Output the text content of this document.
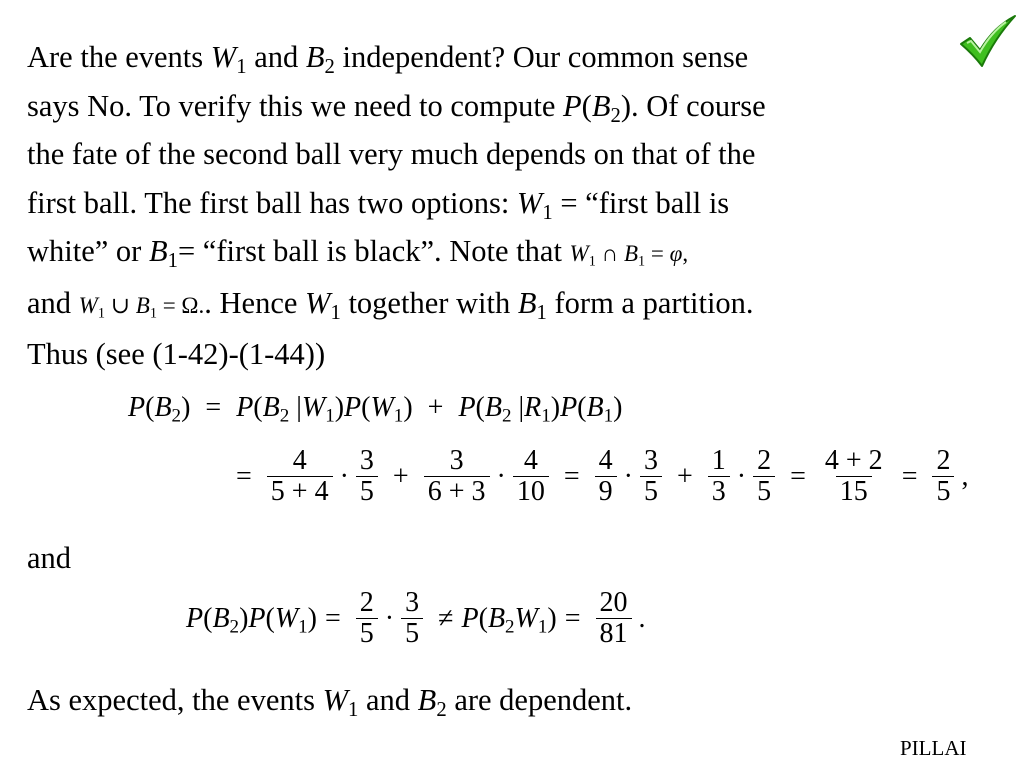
Are the events $W_1$ and $B_2$ independent? Our common sense
says No. To verify this we need to compute $P(B_2)$. Of course
the fate of the second ball very much depends on that of the
first ball. The first ball has two options: $W_1$ = “first ball is
white” or $B_1=$ “first ball is black”. Note that $W_1$ ∩ $B_1 = \varphi$,
and $W_1$ ∪ $B_1 = \Omega$.. Hence $W_1$ together with $B_1$ form a partition.
Thus (see (1-42)-(1-44))
$P(B_2) = P(B_2$ $|W_1)P(W_1) + P(B_2$ $|R_1)P(B_1)$
= $\frac{4}{5 + 4} \cdot \frac{3}{5} + \frac{3}{6 + 3} \cdot \frac{4}{10} = \frac{4}{9} \cdot \frac{3}{5} + \frac{1}{3} \cdot \frac{2}{5} = \frac{4 + 2}{15} = \frac{2}{5}$ ,
and
$P(B_2)P(W_1) = \frac{2}{5} \cdot \frac{3}{5} \ne P(B_2W_1) = \frac{20}{81}$ .
As expected, the events $W_1$ and $B_2$ are dependent.
PILLAI
